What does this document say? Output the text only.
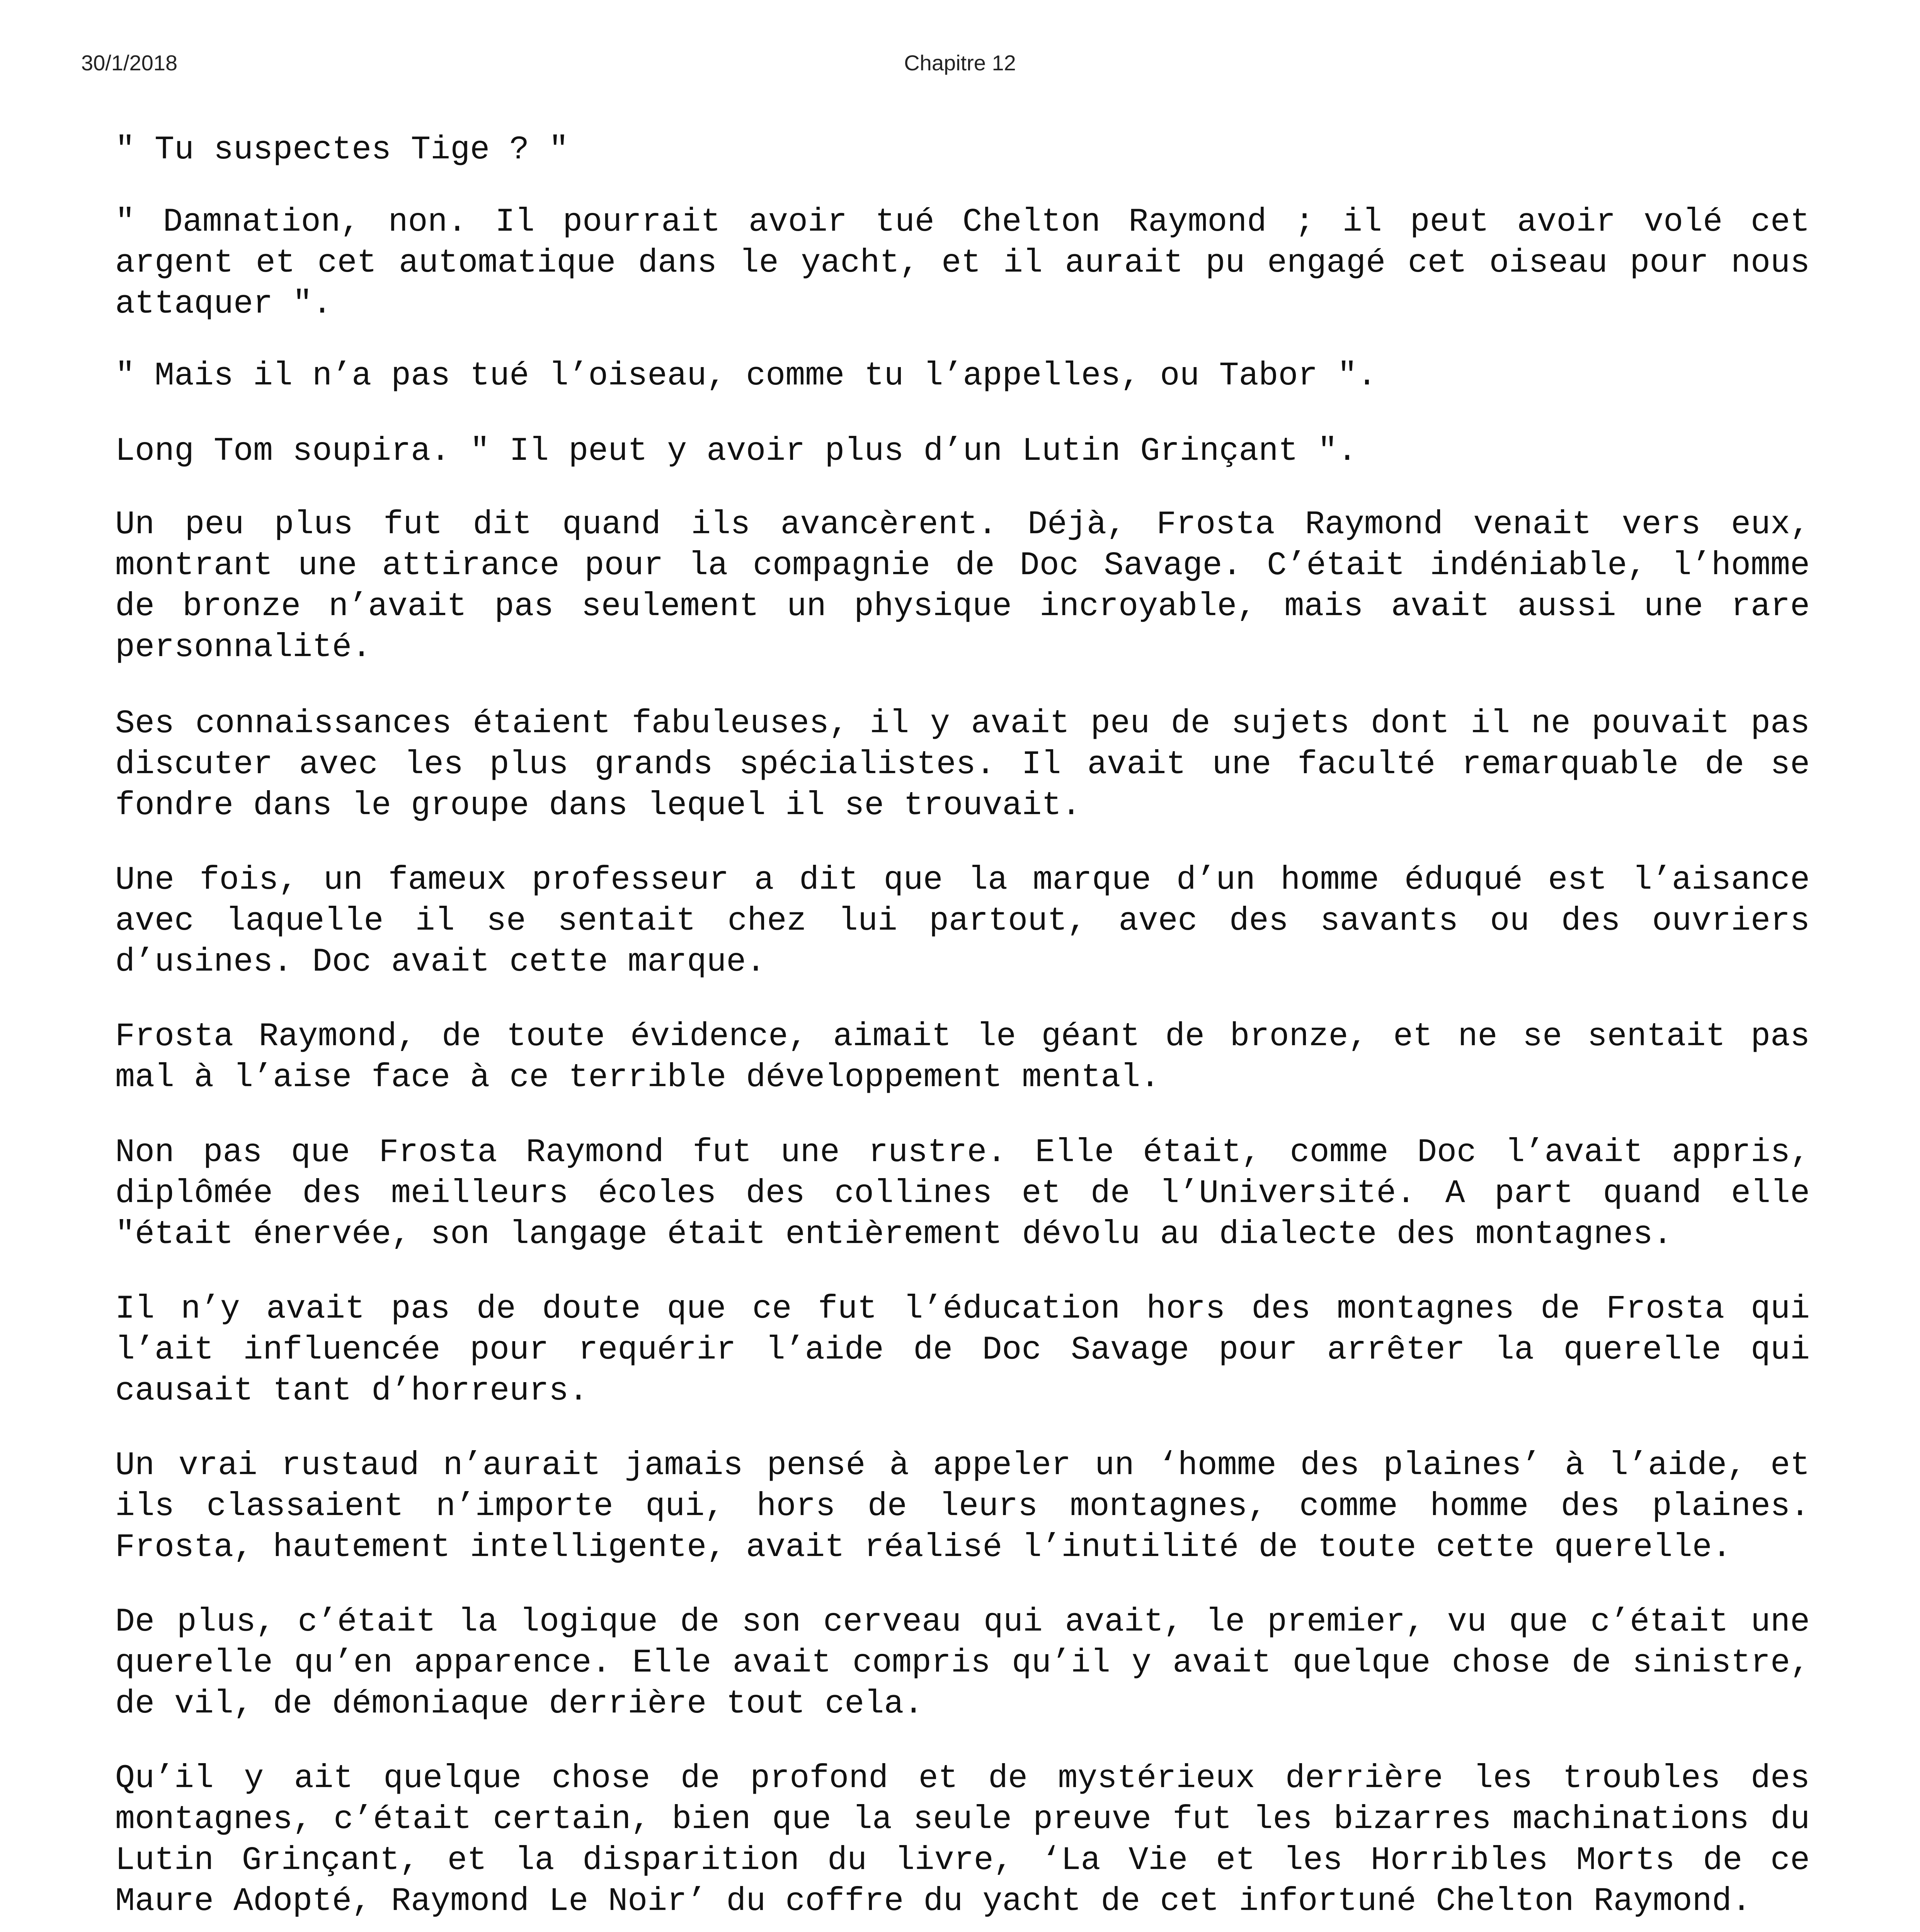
30/1/2018	Chapitre 12

" Tu suspectes Tige ? "

" Damnation, non. Il pourrait avoir tué Chelton Raymond ; il peut avoir volé cet argent et cet automatique dans le yacht, et il aurait pu engagé cet oiseau pour nous attaquer ".

" Mais il n’a pas tué l’oiseau, comme tu l’appelles, ou Tabor ".

Long Tom soupira. " Il peut y avoir plus d’un Lutin Grinçant ".

Un peu plus fut dit quand ils avancèrent. Déjà, Frosta Raymond venait vers eux, montrant une attirance pour la compagnie de Doc Savage. C’était indéniable, l’homme de bronze n’avait pas seulement un physique incroyable, mais avait aussi une rare personnalité.

Ses connaissances étaient fabuleuses, il y avait peu de sujets dont il ne pouvait pas discuter avec les plus grands spécialistes. Il avait une faculté remarquable de se fondre dans le groupe dans lequel il se trouvait.

Une fois, un fameux professeur a dit que la marque d’un homme éduqué est l’aisance avec laquelle il se sentait chez lui partout, avec des savants ou des ouvriers d’usines. Doc avait cette marque.

Frosta Raymond, de toute évidence, aimait le géant de bronze, et ne se sentait pas mal à l’aise face à ce terrible développement mental.

Non pas que Frosta Raymond fut une rustre. Elle était, comme Doc l’avait appris, diplômée des meilleurs écoles des collines et de l’Université. A part quand elle "était énervée, son langage était entièrement dévolu au dialecte des montagnes.

Il n’y avait pas de doute que ce fut l’éducation hors des montagnes de Frosta qui l’ait influencée pour requérir l’aide de Doc Savage pour arrêter la querelle qui causait tant d’horreurs.

Un vrai rustaud n’aurait jamais pensé à appeler un ‘homme des plaines’ à l’aide, et ils classaient n’importe qui, hors de leurs montagnes, comme homme des plaines. Frosta, hautement intelligente, avait réalisé l’inutilité de toute cette querelle.

De plus, c’était la logique de son cerveau qui avait, le premier, vu que c’était une querelle qu’en apparence. Elle avait compris qu’il y avait quelque chose de sinistre, de vil, de démoniaque derrière tout cela.

Qu’il y ait quelque chose de profond et de mystérieux derrière les troubles des montagnes, c’était certain, bien que la seule preuve fut les bizarres machinations du Lutin Grinçant, et la disparition du livre, ‘La Vie et les Horribles Morts de ce Maure Adopté, Raymond Le Noir’ du coffre du yacht de cet infortuné Chelton Raymond.
